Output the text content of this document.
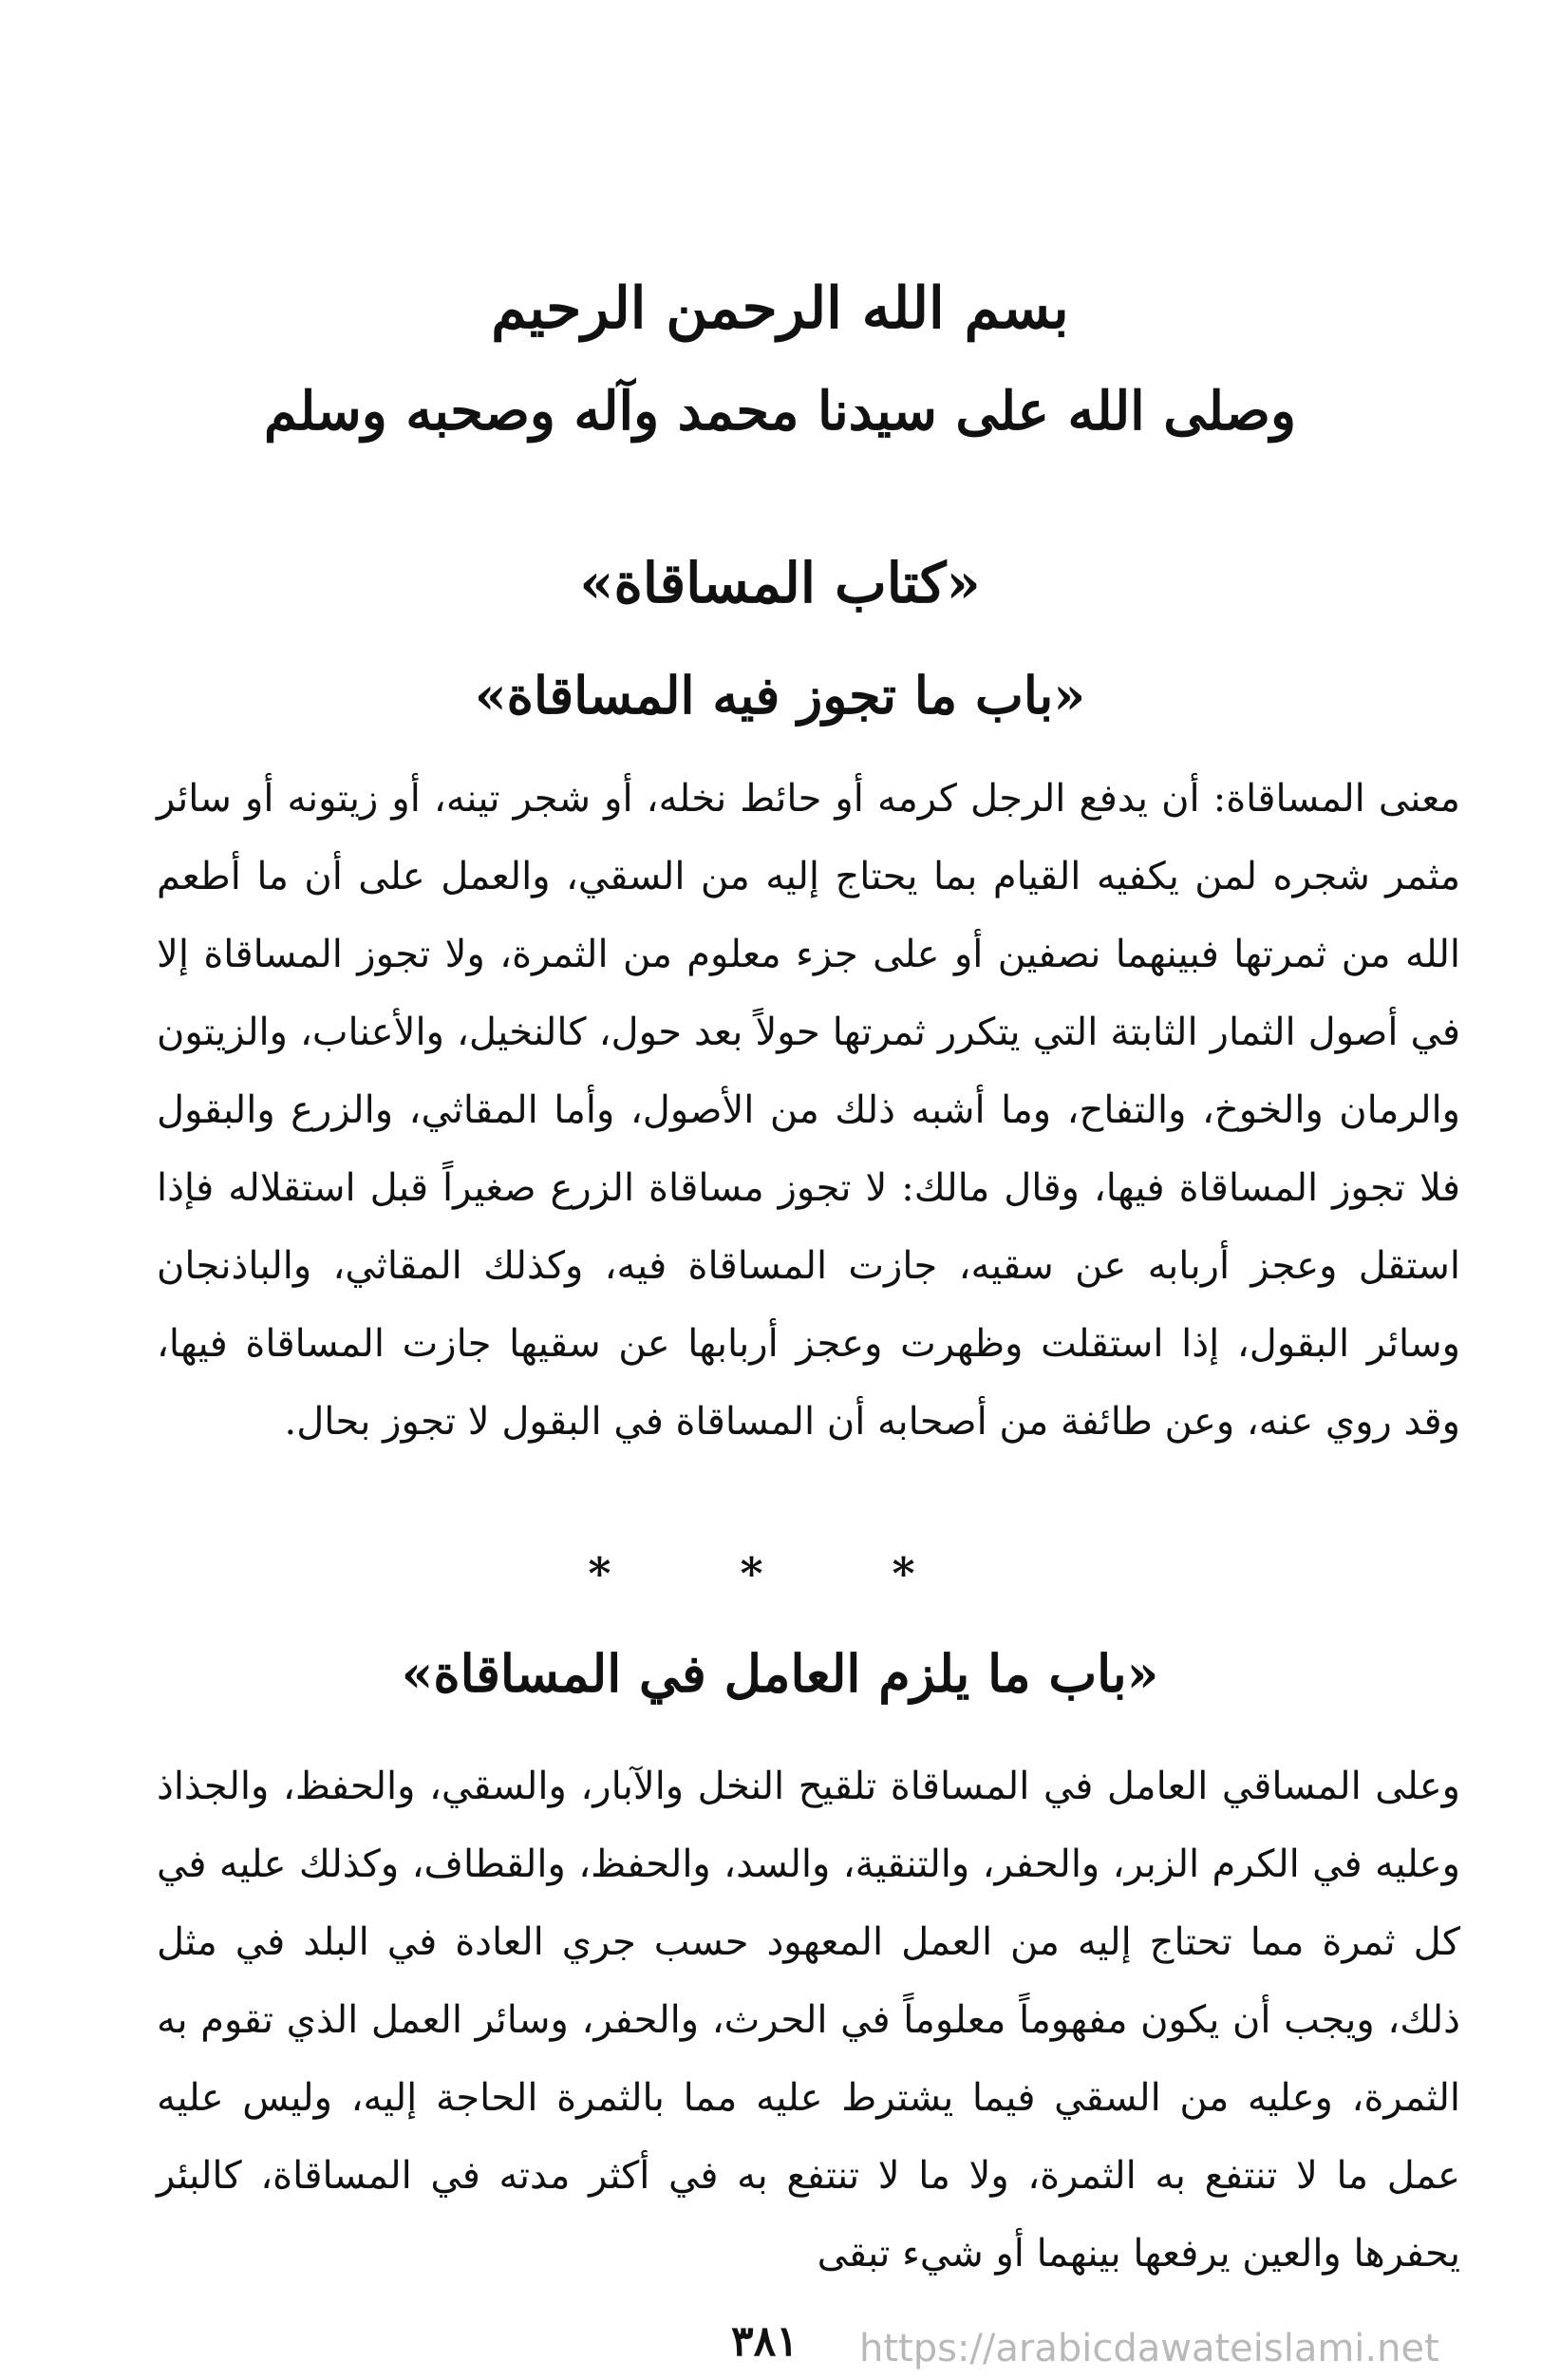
بسم الله الرحمن الرحيم
وصلى الله على سيدنا محمد وآله وصحبه وسلم
«كتاب المساقاة»
«باب ما تجوز فيه المساقاة»
معنى المساقاة: أن يدفع الرجل كرمه أو حائط نخله، أو شجر تينه، أو زيتونه أو سائر مثمر شجره لمن يكفيه القيام بما يحتاج إليه من السقي، والعمل على أن ما أطعم الله من ثمرتها فبينهما نصفين أو على جزء معلوم من الثمرة، ولا تجوز المساقاة إلا في أصول الثمار الثابتة التي يتكرر ثمرتها حولاً بعد حول، كالنخيل، والأعناب، والزيتون والرمان والخوخ، والتفاح، وما أشبه ذلك من الأصول، وأما المقاثي، والزرع والبقول فلا تجوز المساقاة فيها، وقال مالك: لا تجوز مساقاة الزرع صغيراً قبل استقلاله فإذا استقل وعجز أربابه عن سقيه، جازت المساقاة فيه، وكذلك المقاثي، والباذنجان وسائر البقول، إذا استقلت وظهرت وعجز أربابها عن سقيها جازت المساقاة فيها، وقد روي عنه، وعن طائفة من أصحابه أن المساقاة في البقول لا تجوز بحال.
* * *
«باب ما يلزم العامل في المساقاة»
وعلى المساقي العامل في المساقاة تلقيح النخل والآبار، والسقي، والحفظ، والجذاذ وعليه في الكرم الزبر، والحفر، والتنقية، والسد، والحفظ، والقطاف، وكذلك عليه في كل ثمرة مما تحتاج إليه من العمل المعهود حسب جري العادة في البلد في مثل ذلك، ويجب أن يكون مفهوماً معلوماً في الحرث، والحفر، وسائر العمل الذي تقوم به الثمرة، وعليه من السقي فيما يشترط عليه مما بالثمرة الحاجة إليه، وليس عليه عمل ما لا تنتفع به الثمرة، ولا ما لا تنتفع به في أكثر مدته في المساقاة، كالبئر يحفرها والعين يرفعها بينهما أو شيء تبقى
٣٨١ https://arabicdawateislami.net
